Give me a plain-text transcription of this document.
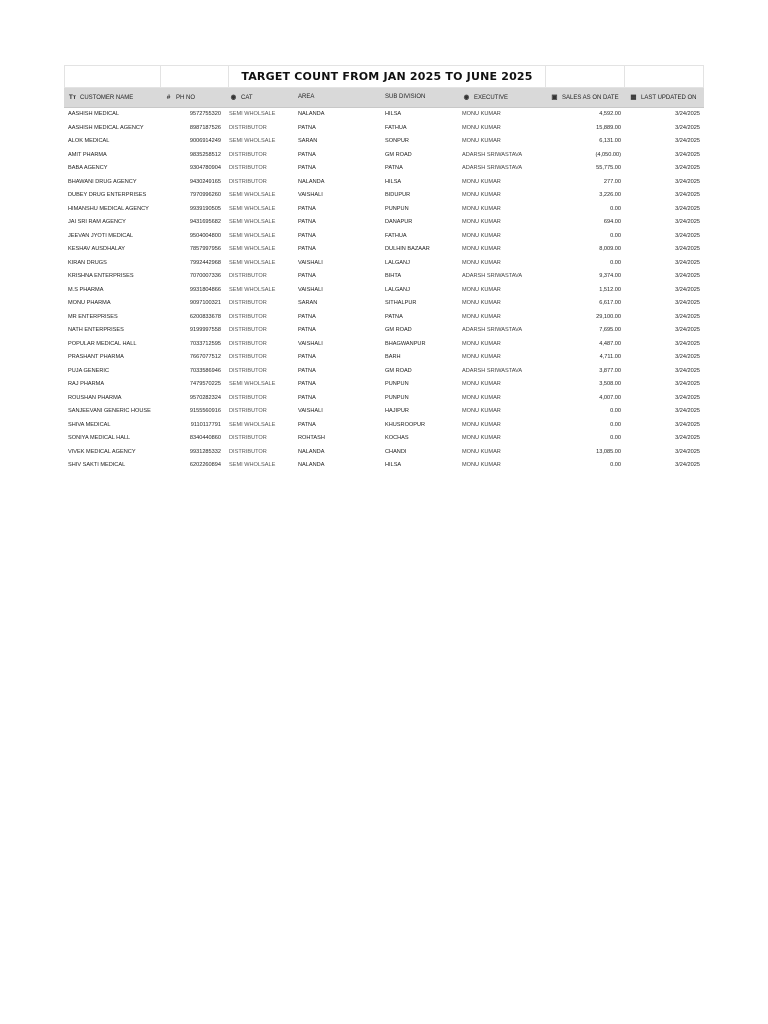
TARGET COUNT FROM JAN 2025 TO JUNE 2025
Tт CUSTOMER NAME	# PH NO	◉ CAT	AREA	SUB DIVISION	◉ EXECUTIVE	▣ SALES AS ON DATE	▦ LAST UPDATED ON
AASHISH MEDICAL	9572755320	SEMI WHOLSALE	NALANDA	HILSA	MONU KUMAR	4,592.00	3/24/2025
AASHISH MEDICAL AGENCY	8987187526	DISTRIBUTOR	PATNA	FATHUA	MONU KUMAR	15,889.00	3/24/2025
ALOK MEDICAL	9006914249	SEMI WHOLSALE	SARAN	SONPUR	MONU KUMAR	6,131.00	3/24/2025
AMIT PHARMA	9835258512	DISTRIBUTOR	PATNA	GM ROAD	ADARSH SRIWASTAVA	(4,050.00)	3/24/2025
BABA AGENCY	9304780904	DISTRIBUTOR	PATNA	PATNA	ADARSH SRIWASTAVA	55,775.00	3/24/2025
BHAWANI DRUG AGENCY	9430249165	DISTRIBUTOR	NALANDA	HILSA	MONU KUMAR	277.00	3/24/2025
DUBEY DRUG ENTERPRISES	7970996260	SEMI WHOLSALE	VAISHALI	BIDUPUR	MONU KUMAR	3,226.00	3/24/2025
HIMANSHU MEDICAL AGENCY	9939190505	SEMI WHOLSALE	PATNA	PUNPUN	MONU KUMAR	0.00	3/24/2025
JAI SRI RAM AGENCY	9431695682	SEMI WHOLSALE	PATNA	DANAPUR	MONU KUMAR	694.00	3/24/2025
JEEVAN JYOTI MEDICAL	9504004800	SEMI WHOLSALE	PATNA	FATHUA	MONU KUMAR	0.00	3/24/2025
KESHAV AUSDHALAY	7857997956	SEMI WHOLSALE	PATNA	DULHIN BAZAAR	MONU KUMAR	8,009.00	3/24/2025
KIRAN DRUGS	7992442968	SEMI WHOLSALE	VAISHALI	LALGANJ	MONU KUMAR	0.00	3/24/2025
KRISHNA ENTERPRISES	7070007336	DISTRIBUTOR	PATNA	BIHTA	ADARSH SRIWASTAVA	9,374.00	3/24/2025
M.S PHARMA	9931804866	SEMI WHOLSALE	VAISHALI	LALGANJ	MONU KUMAR	1,512.00	3/24/2025
MONU PHARMA	9097100321	DISTRIBUTOR	SARAN	SITHALPUR	MONU KUMAR	6,617.00	3/24/2025
MR ENTERPRISES	6200833678	DISTRIBUTOR	PATNA	PATNA	MONU KUMAR	29,100.00	3/24/2025
NATH ENTERPRISES	9199997558	DISTRIBUTOR	PATNA	GM ROAD	ADARSH SRIWASTAVA	7,695.00	3/24/2025
POPULAR MEDICAL HALL	7033712595	DISTRIBUTOR	VAISHALI	BHAGWANPUR	MONU KUMAR	4,487.00	3/24/2025
PRASHANT PHARMA	7667077512	DISTRIBUTOR	PATNA	BARH	MONU KUMAR	4,711.00	3/24/2025
PUJA GENERIC	7033586946	DISTRIBUTOR	PATNA	GM ROAD	ADARSH SRIWASTAVA	3,877.00	3/24/2025
RAJ PHARMA	7479570225	SEMI WHOLSALE	PATNA	PUNPUN	MONU KUMAR	3,508.00	3/24/2025
ROUSHAN PHARMA	9570282324	DISTRIBUTOR	PATNA	PUNPUN	MONU KUMAR	4,007.00	3/24/2025
SANJEEVANI GENERIC HOUSE	9155560916	DISTRIBUTOR	VAISHALI	HAJIPUR	MONU KUMAR	0.00	3/24/2025
SHIVA MEDICAL	9110117791	SEMI WHOLSALE	PATNA	KHUSROOPUR	MONU KUMAR	0.00	3/24/2025
SONIYA MEDICAL HALL	8340440860	DISTRIBUTOR	ROHTASH	KOCHAS	MONU KUMAR	0.00	3/24/2025
VIVEK MEDICAL AGENCY	9931285332	DISTRIBUTOR	NALANDA	CHANDI	MONU KUMAR	13,085.00	3/24/2025
SHIV SAKTI MEDICAL	6202260894	SEMI WHOLSALE	NALANDA	HILSA	MONU KUMAR	0.00	3/24/2025
